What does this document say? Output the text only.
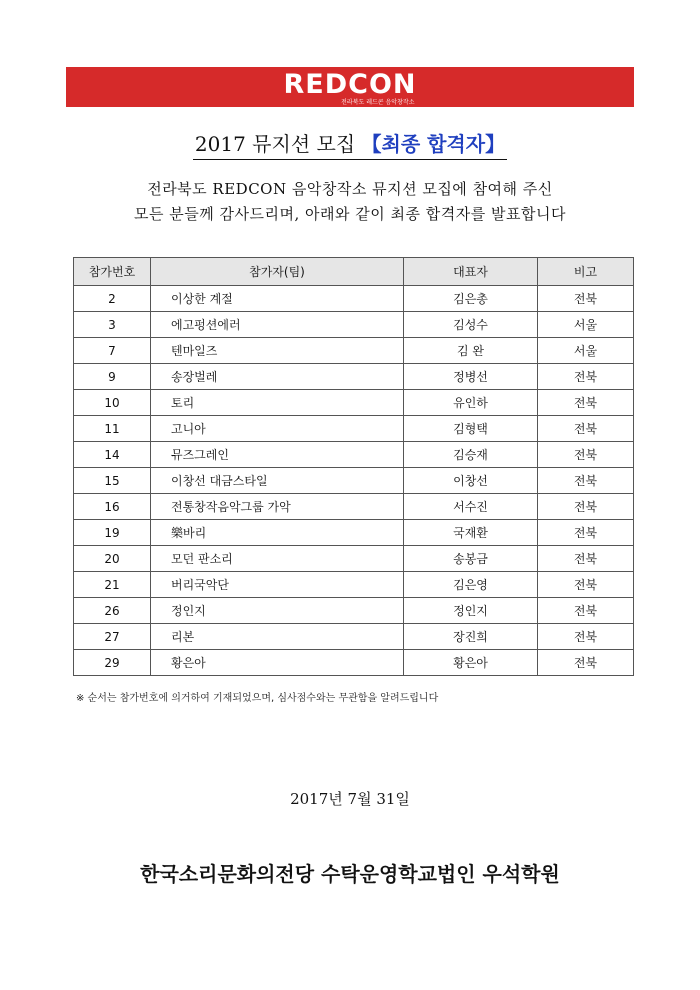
REDCON
전라북도 레드콘 음악창작소
2017 뮤지션 모집 【최종 합격자】
전라북도 REDCON 음악창작소 뮤지션 모집에 참여해 주신
모든 분들께 감사드리며, 아래와 같이 최종 합격자를 발표합니다
참가번호	참가자(팀)	대표자	비고
2	이상한 계절	김은총	전북
3	에고펑션에러	김성수	서울
7	텐마일즈	김 완	서울
9	송장벌레	정병선	전북
10	토리	유인하	전북
11	고니아	김형택	전북
14	뮤즈그레인	김승재	전북
15	이창선 대금스타일	이창선	전북
16	전통창작음악그룹 가악	서수진	전북
19	樂바리	국재환	전북
20	모던 판소리	송봉금	전북
21	버리국악단	김은영	전북
26	정인지	정인지	전북
27	리본	장진희	전북
29	황은아	황은아	전북
※ 순서는 참가번호에 의거하여 기재되었으며, 심사점수와는 무관함을 알려드립니다
2017년 7월 31일
한국소리문화의전당 수탁운영학교법인 우석학원
